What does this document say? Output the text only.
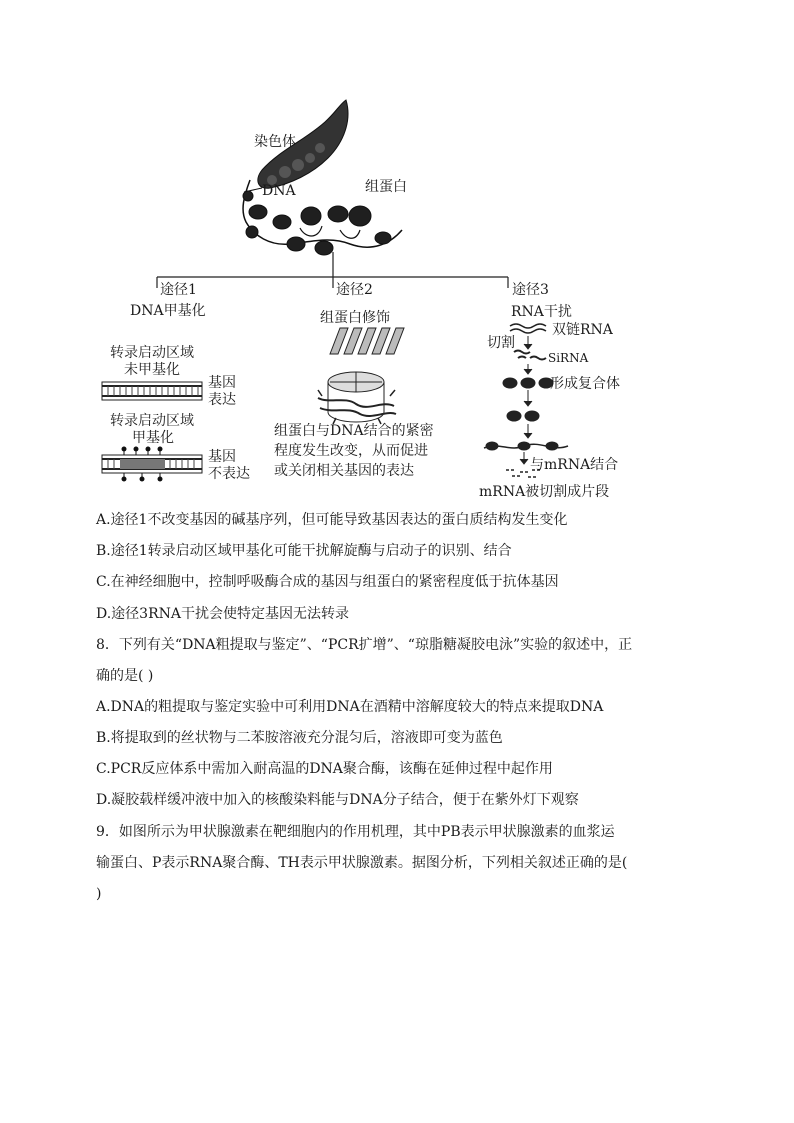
染色体
DNA	组蛋白
途径1
DNA甲基化
转录启动区域
未甲基化
基因
表达
转录启动区域
甲基化
基因
不表达
途径2
组蛋白修饰
组蛋白与DNA结合的紧密
程度发生改变，从而促进
或关闭相关基因的表达
途径3
RNA干扰
双链RNA
切割
SiRNA
形成复合体
与mRNA结合
mRNA被切割成片段
A.途径1不改变基因的碱基序列，但可能导致基因表达的蛋白质结构发生变化
B.途径1转录启动区域甲基化可能干扰解旋酶与启动子的识别、结合
C.在神经细胞中，控制呼吸酶合成的基因与组蛋白的紧密程度低于抗体基因
D.途径3RNA干扰会使特定基因无法转录
8．下列有关“DNA粗提取与鉴定”、“PCR扩增”、“琼脂糖凝胶电泳”实验的叙述中，正
确的是( )
A.DNA的粗提取与鉴定实验中可利用DNA在酒精中溶解度较大的特点来提取DNA
B.将提取到的丝状物与二苯胺溶液充分混匀后，溶液即可变为蓝色
C.PCR反应体系中需加入耐高温的DNA聚合酶，该酶在延伸过程中起作用
D.凝胶载样缓冲液中加入的核酸染料能与DNA分子结合，便于在紫外灯下观察
9．如图所示为甲状腺激素在靶细胞内的作用机理，其中PB表示甲状腺激素的血浆运
输蛋白、P表示RNA聚合酶、TH表示甲状腺激素。据图分析，下列相关叙述正确的是(
)
